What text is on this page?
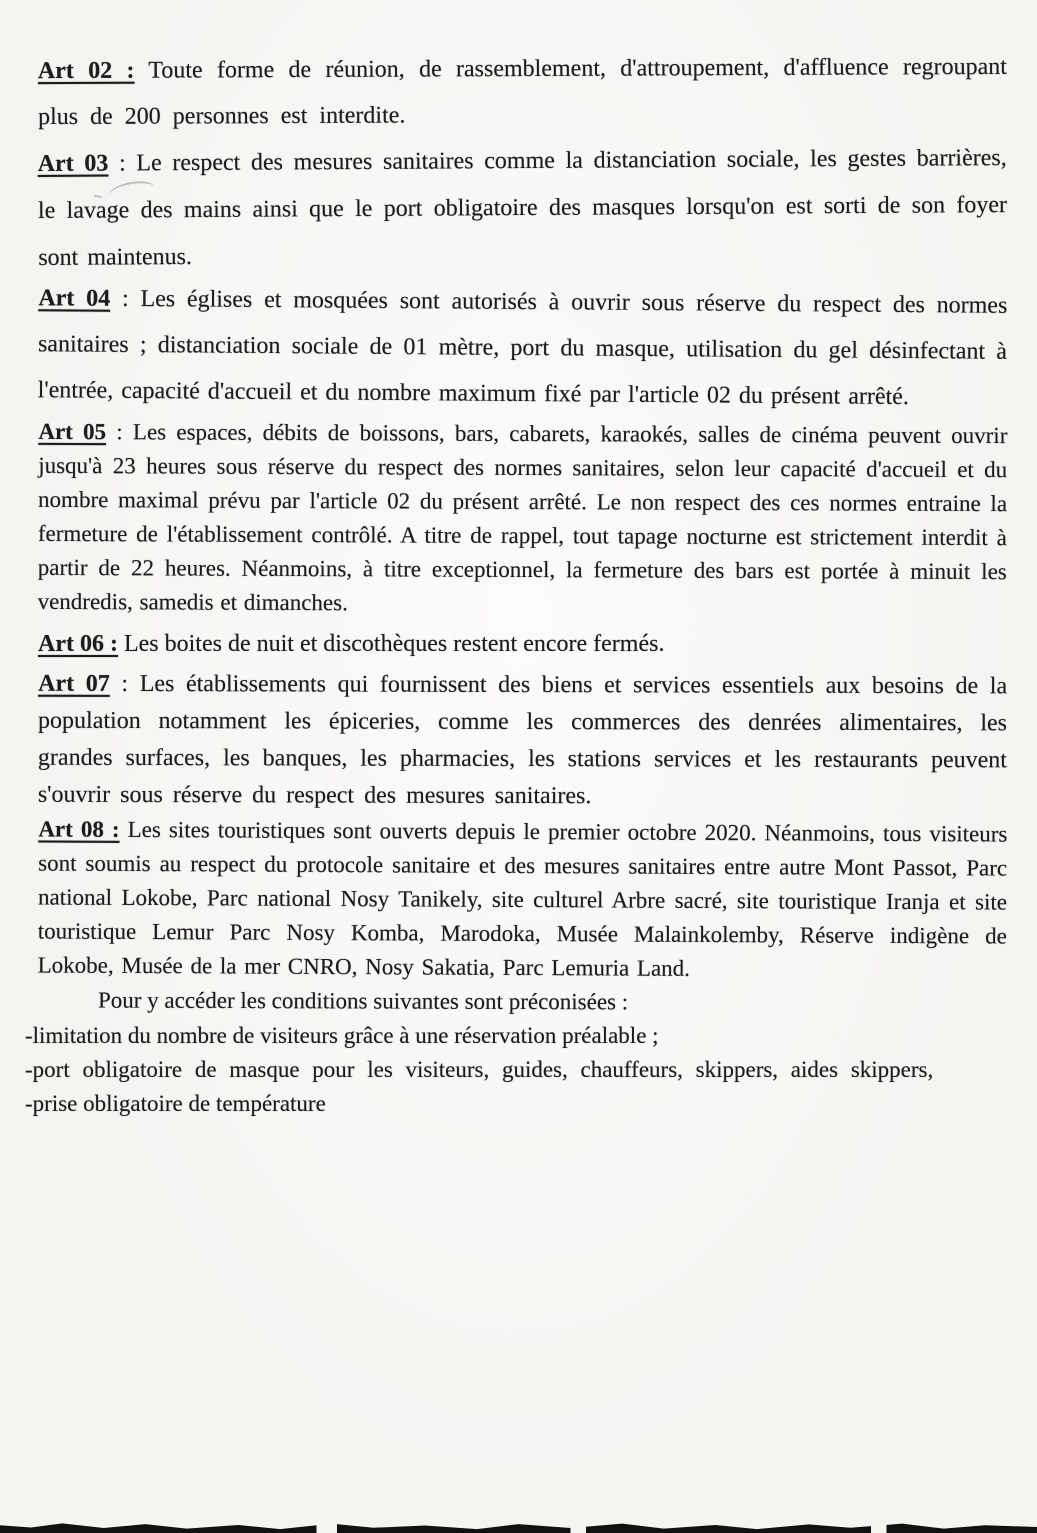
Art 02 : Toute forme de réunion, de rassemblement, d'attroupement, d'affluence regroupant plus de 200 personnes est interdite.

Art 03 : Le respect des mesures sanitaires comme la distanciation sociale, les gestes barrières, le lavage des mains ainsi que le port obligatoire des masques lorsqu'on est sorti de son foyer sont maintenus.

Art 04 : Les églises et mosquées sont autorisés à ouvrir sous réserve du respect des normes sanitaires ; distanciation sociale de 01 mètre, port du masque, utilisation du gel désinfectant à l'entrée, capacité d'accueil et du nombre maximum fixé par l'article 02 du présent arrêté.

Art 05 : Les espaces, débits de boissons, bars, cabarets, karaokés, salles de cinéma peuvent ouvrir jusqu'à 23 heures sous réserve du respect des normes sanitaires, selon leur capacité d'accueil et du nombre maximal prévu par l'article 02 du présent arrêté. Le non respect des ces normes entraine la fermeture de l'établissement contrôlé. A titre de rappel, tout tapage nocturne est strictement interdit à partir de 22 heures. Néanmoins, à titre exceptionnel, la fermeture des bars est portée à minuit les vendredis, samedis et dimanches.

Art 06 : Les boites de nuit et discothèques restent encore fermés.

Art 07 : Les établissements qui fournissent des biens et services essentiels aux besoins de la population notamment les épiceries, comme les commerces des denrées alimentaires, les grandes surfaces, les banques, les pharmacies, les stations services et les restaurants peuvent s'ouvrir sous réserve du respect des mesures sanitaires.

Art 08 : Les sites touristiques sont ouverts depuis le premier octobre 2020. Néanmoins, tous visiteurs sont soumis au respect du protocole sanitaire et des mesures sanitaires entre autre Mont Passot, Parc national Lokobe, Parc national Nosy Tanikely, site culturel Arbre sacré, site touristique Iranja et site touristique Lemur Parc Nosy Komba, Marodoka, Musée Malainkolemby, Réserve indigène de Lokobe, Musée de la mer CNRO, Nosy Sakatia, Parc Lemuria Land.

Pour y accéder les conditions suivantes sont préconisées :

-limitation du nombre de visiteurs grâce à une réservation préalable ;

-port obligatoire de masque pour les visiteurs, guides, chauffeurs, skippers, aides skippers,

-prise obligatoire de température
